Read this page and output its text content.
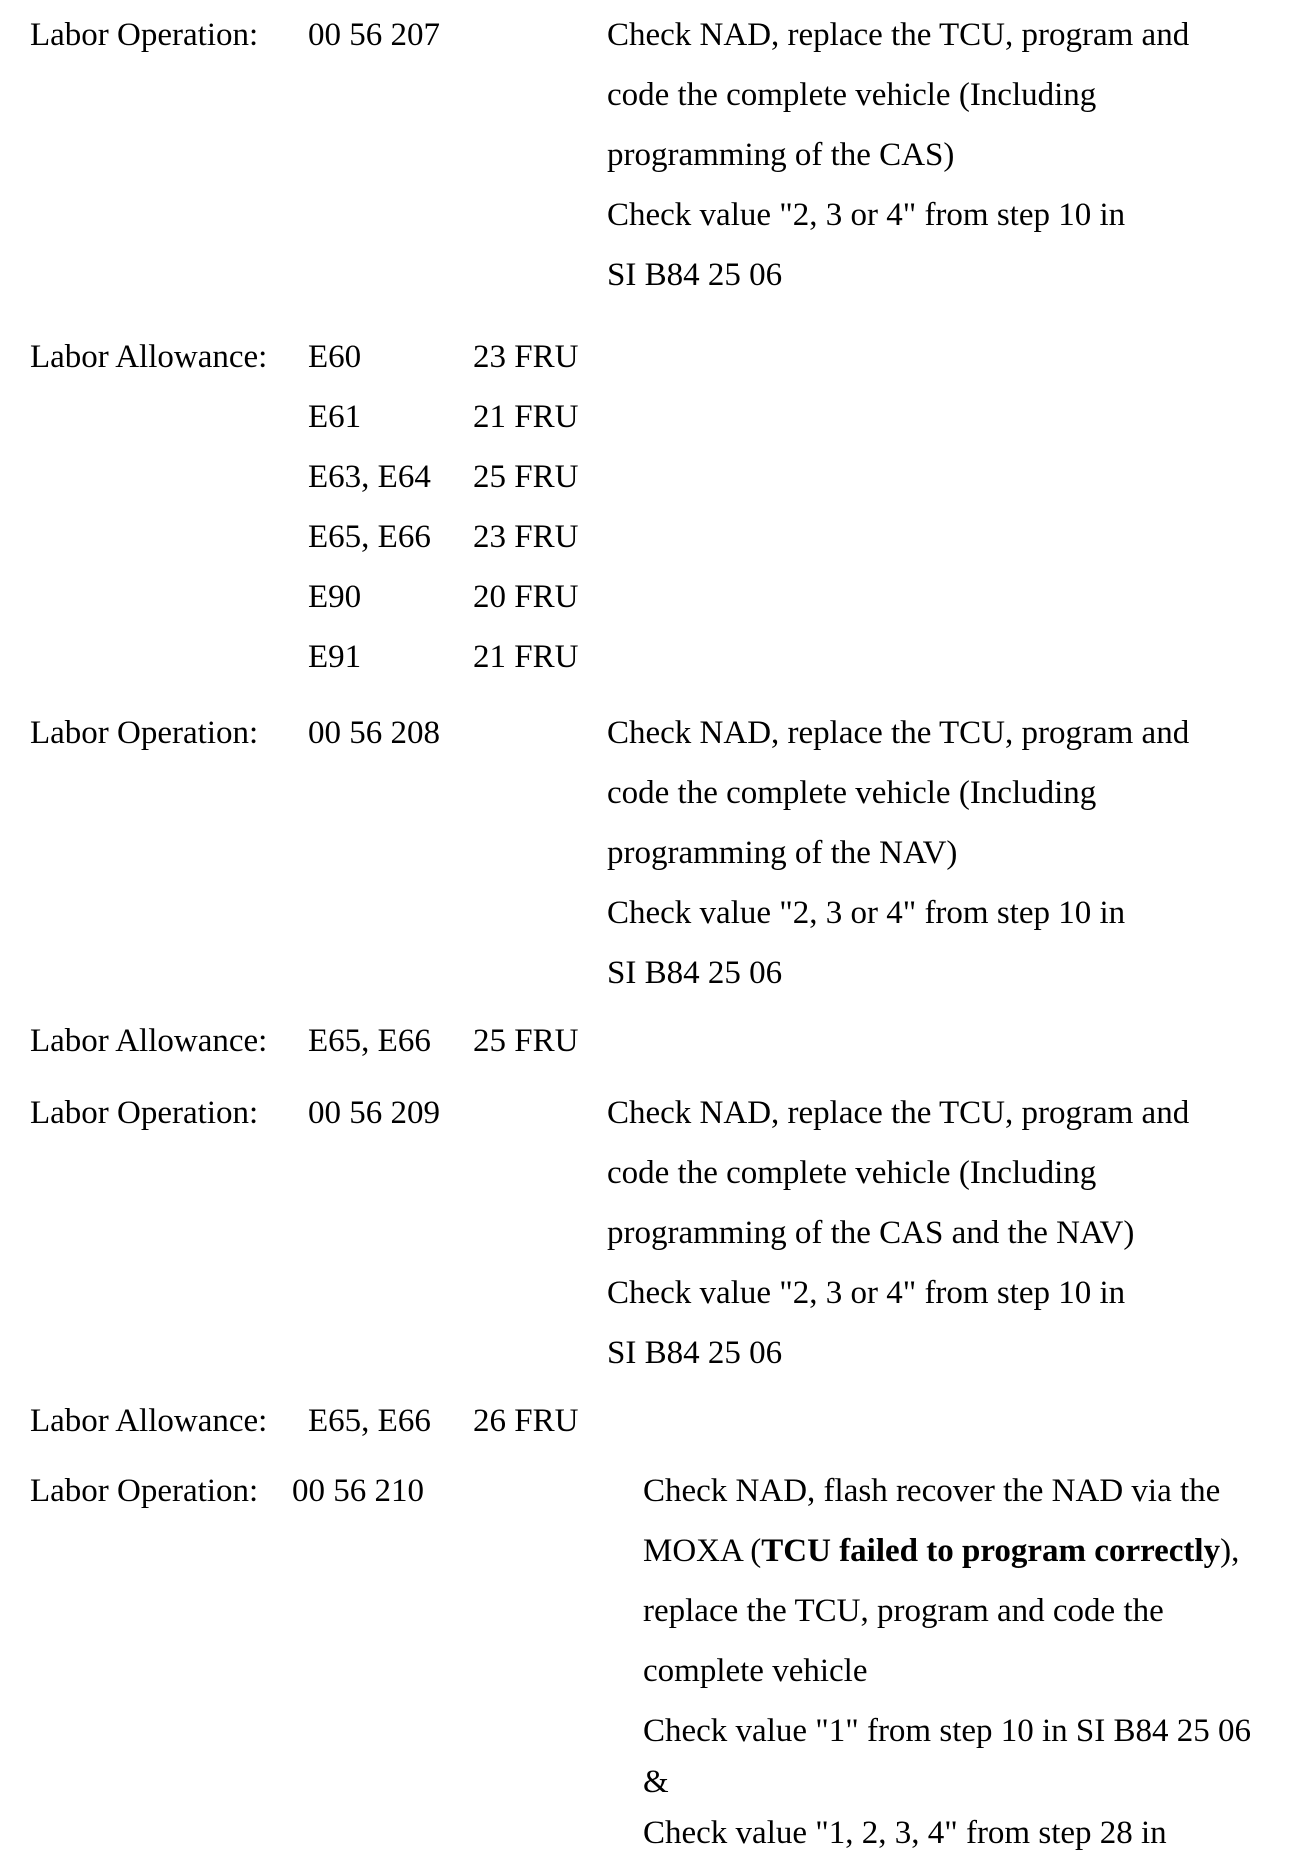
Labor Operation:	00 56 207	Check NAD, replace the TCU, program and
code the complete vehicle (Including
programming of the CAS)
Check value "2, 3 or 4" from step 10 in
SI B84 25 06
Labor Allowance:	E60	23 FRU
E61	21 FRU
E63, E64	25 FRU
E65, E66	23 FRU
E90	20 FRU
E91	21 FRU
Labor Operation:	00 56 208	Check NAD, replace the TCU, program and
code the complete vehicle (Including
programming of the NAV)
Check value "2, 3 or 4" from step 10 in
SI B84 25 06
Labor Allowance:	E65, E66	25 FRU
Labor Operation:	00 56 209	Check NAD, replace the TCU, program and
code the complete vehicle (Including
programming of the CAS and the NAV)
Check value "2, 3 or 4" from step 10 in
SI B84 25 06
Labor Allowance:	E65, E66	26 FRU
Labor Operation:	00 56 210	Check NAD, flash recover the NAD via the
MOXA (TCU failed to program correctly),
replace the TCU, program and code the
complete vehicle
Check value "1" from step 10 in SI B84 25 06
&
Check value "1, 2, 3, 4" from step 28 in
